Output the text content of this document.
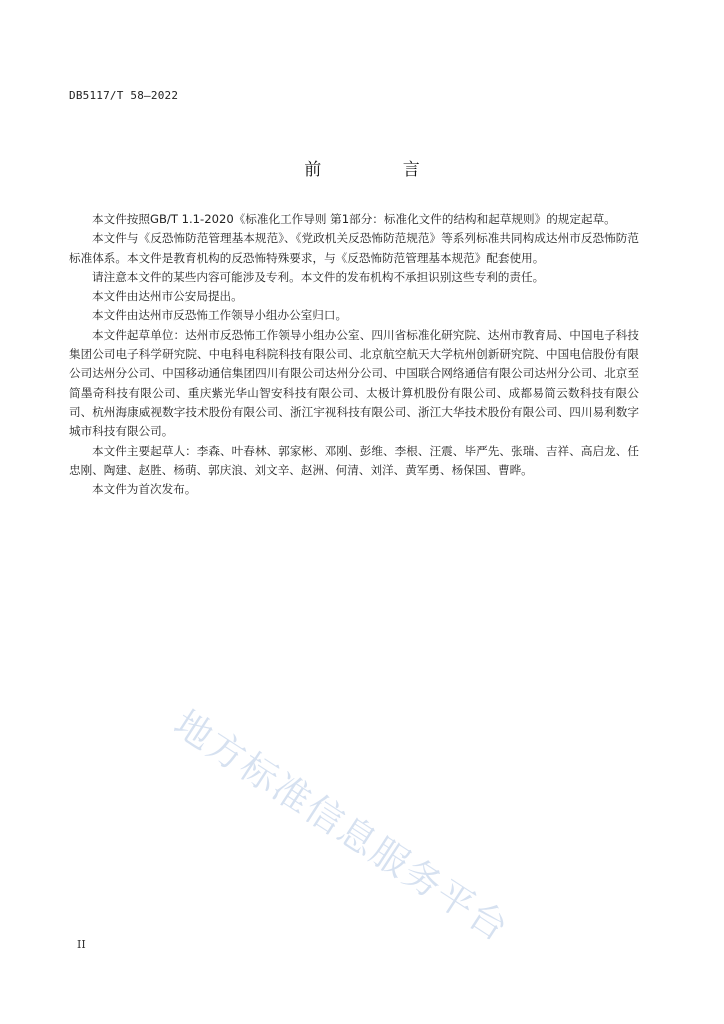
DB5117/T 58—2022
前 言

本文件按照GB/T 1.1-2020《标准化工作导则 第1部分：标准化文件的结构和起草规则》的规定起草。

本文件与《反恐怖防范管理基本规范》、《党政机关反恐怖防范规范》等系列标准共同构成达州市反恐怖防范标准体系。本文件是教育机构的反恐怖特殊要求，与《反恐怖防范管理基本规范》配套使用。

请注意本文件的某些内容可能涉及专利。本文件的发布机构不承担识别这些专利的责任。

本文件由达州市公安局提出。

本文件由达州市反恐怖工作领导小组办公室归口。

本文件起草单位：达州市反恐怖工作领导小组办公室、四川省标准化研究院、达州市教育局、中国电子科技集团公司电子科学研究院、中电科电科院科技有限公司、北京航空航天大学杭州创新研究院、中国电信股份有限公司达州分公司、中国移动通信集团四川有限公司达州分公司、中国联合网络通信有限公司达州分公司、北京至简墨奇科技有限公司、重庆紫光华山智安科技有限公司、太极计算机股份有限公司、成都易简云数科技有限公司、杭州海康威视数字技术股份有限公司、浙江宇视科技有限公司、浙江大华技术股份有限公司、四川易利数字城市科技有限公司。

本文件主要起草人：李森、叶春林、郭家彬、邓刚、彭维、李根、汪震、毕严先、张瑞、吉祥、高启龙、任忠刚、陶建、赵胜、杨萌、郭庆浪、刘文辛、赵洲、何清、刘洋、黄军勇、杨保国、曹晔。

本文件为首次发布。

地方标准信息服务平台
II
